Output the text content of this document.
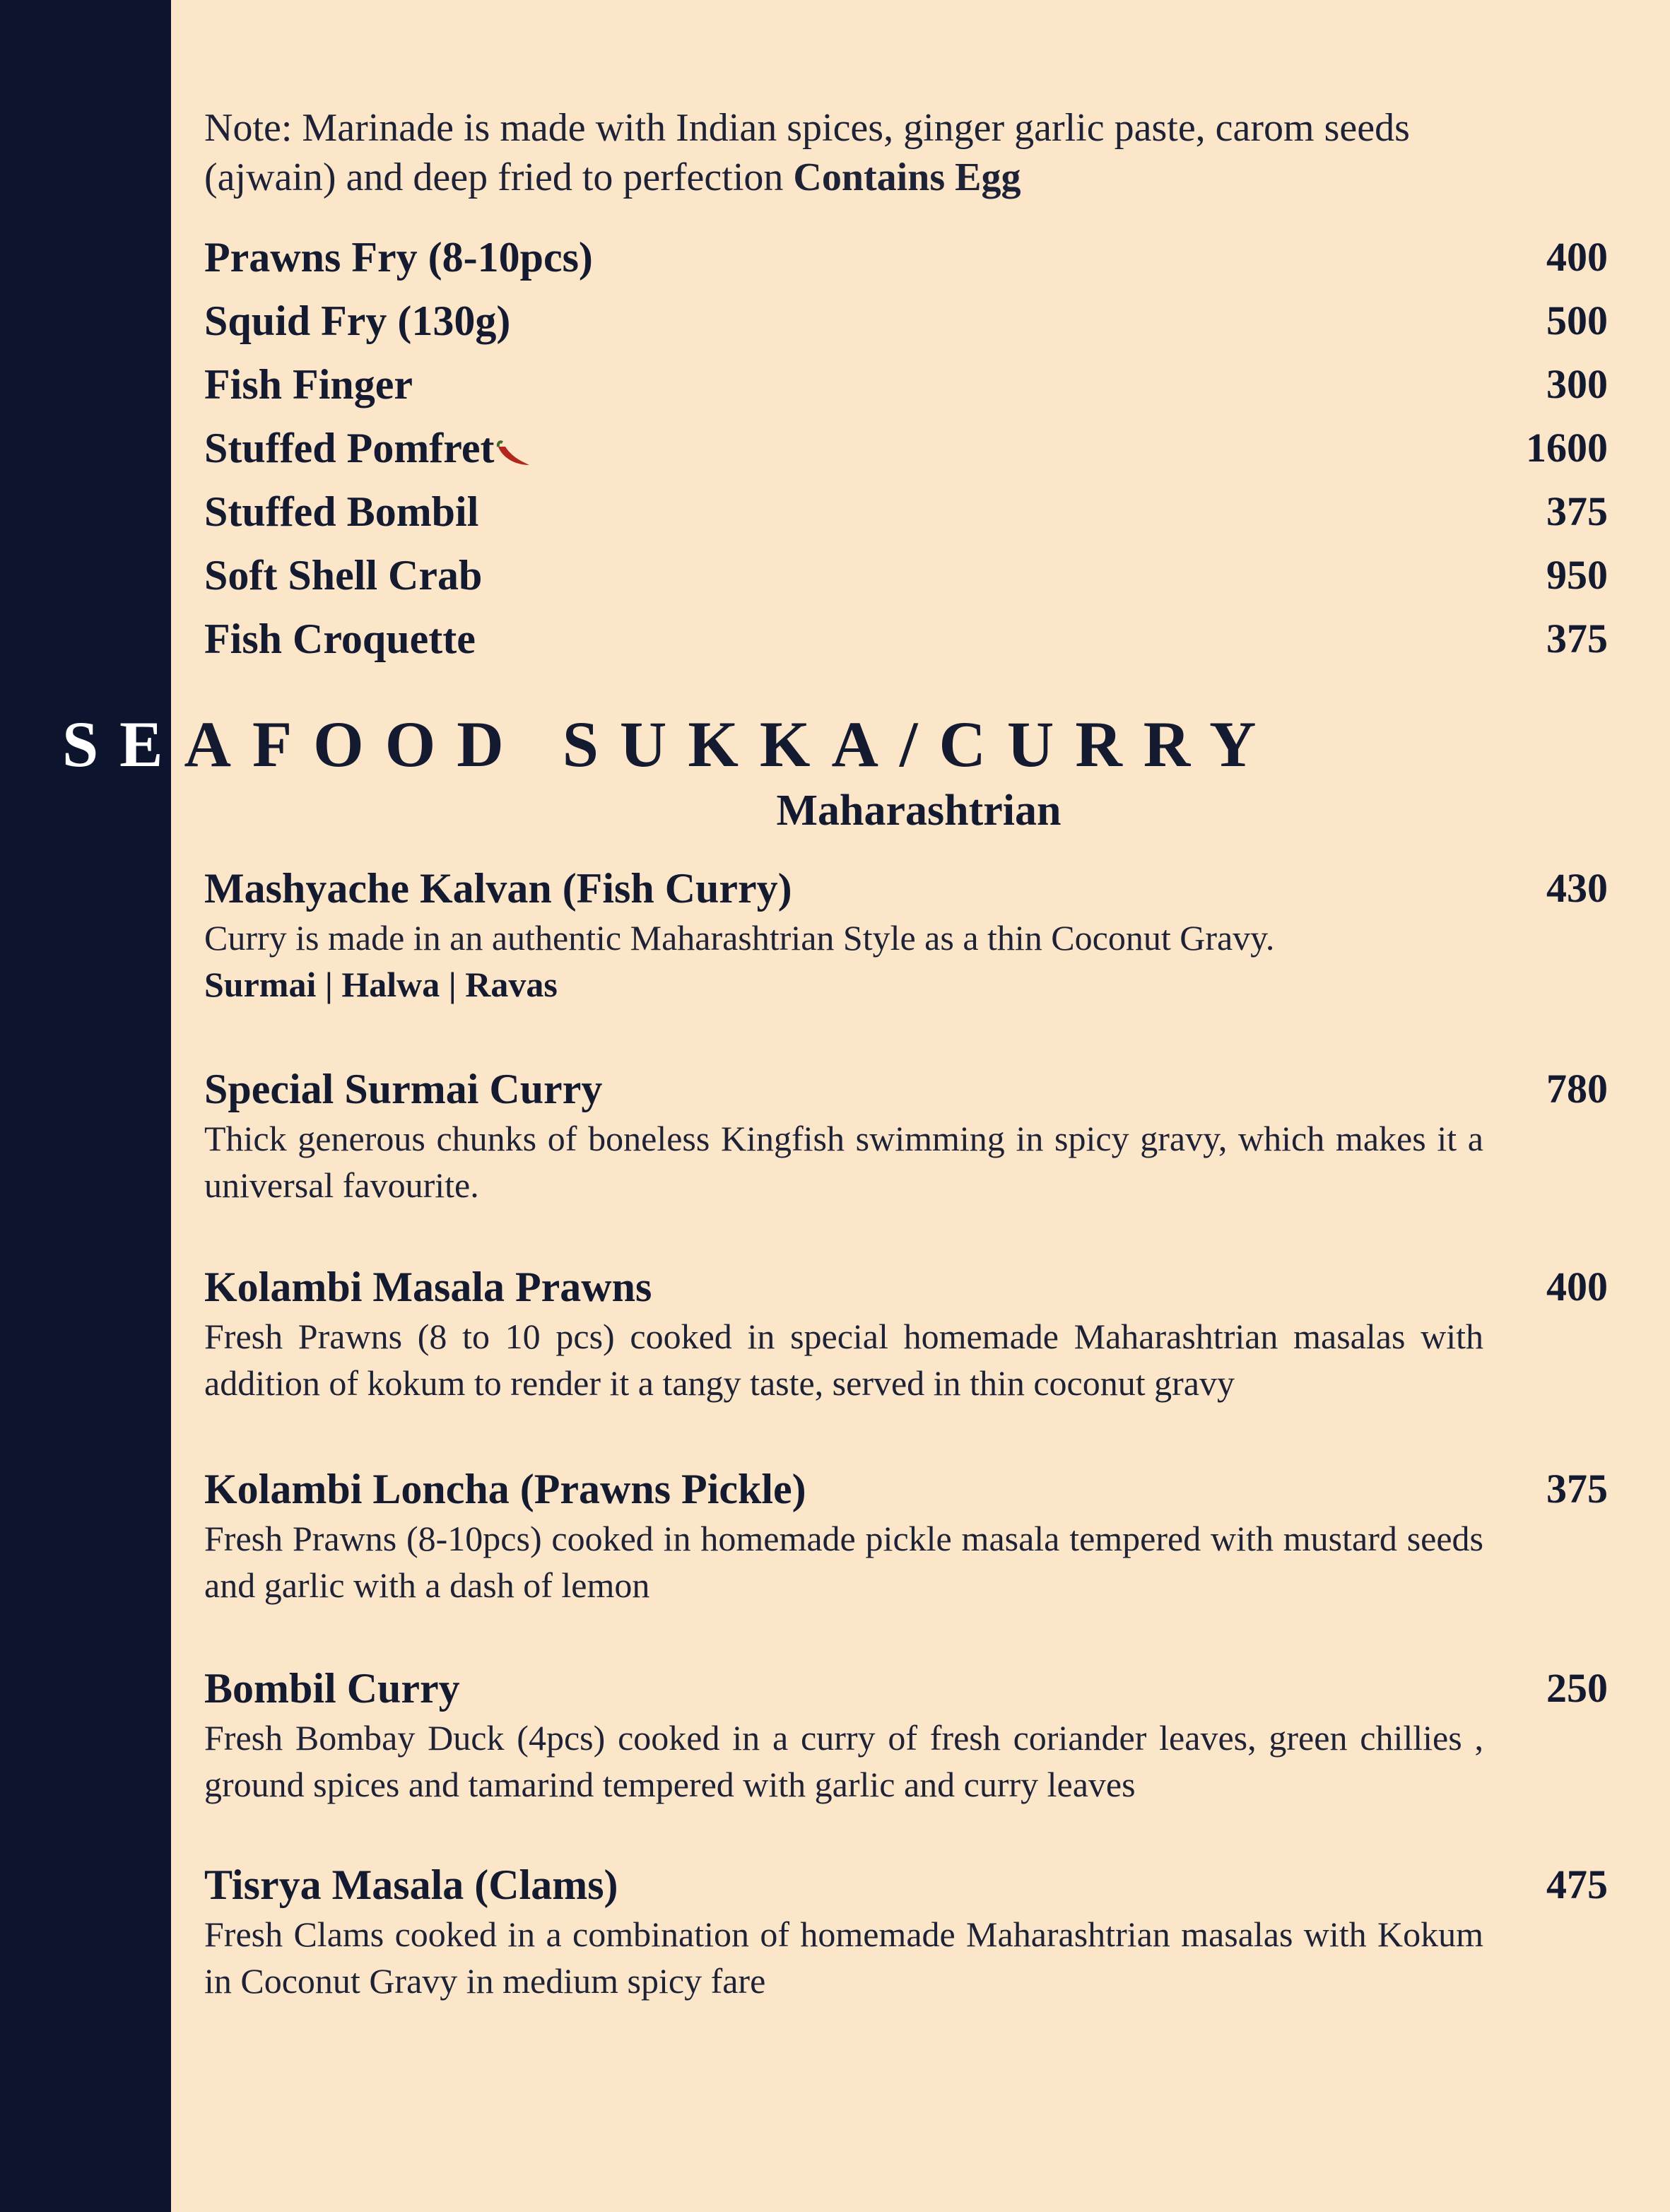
Note: Marinade is made with Indian spices, ginger garlic paste, carom seeds (ajwain) and deep fried to perfection Contains Egg
Prawns Fry (8-10pcs)	400
Squid Fry (130g)	500
Fish Finger	300
Stuffed Pomfret	1600
Stuffed Bombil	375
Soft Shell Crab	950
Fish Croquette	375
SEAFOOD SUKKA/CURRY
Maharashtrian
Mashyache Kalvan (Fish Curry)	430
Curry is made in an authentic Maharashtrian Style as a thin Coconut Gravy.
Surmai | Halwa | Ravas
Special Surmai Curry	780
Thick generous chunks of boneless Kingfish swimming in spicy gravy, which makes it a universal favourite.
Kolambi Masala Prawns	400
Fresh Prawns (8 to 10 pcs) cooked in special homemade Maharashtrian masalas with addition of kokum to render it a tangy taste, served in thin coconut gravy
Kolambi Loncha (Prawns Pickle)	375
Fresh Prawns (8-10pcs) cooked in homemade pickle masala tempered with mustard seeds and garlic with a dash of lemon
Bombil Curry	250
Fresh Bombay Duck (4pcs) cooked in a curry of fresh coriander leaves, green chillies , ground spices and tamarind tempered with garlic and curry leaves
Tisrya Masala (Clams)	475
Fresh Clams cooked in a combination of homemade Maharashtrian masalas with Kokum in Coconut Gravy in medium spicy fare
